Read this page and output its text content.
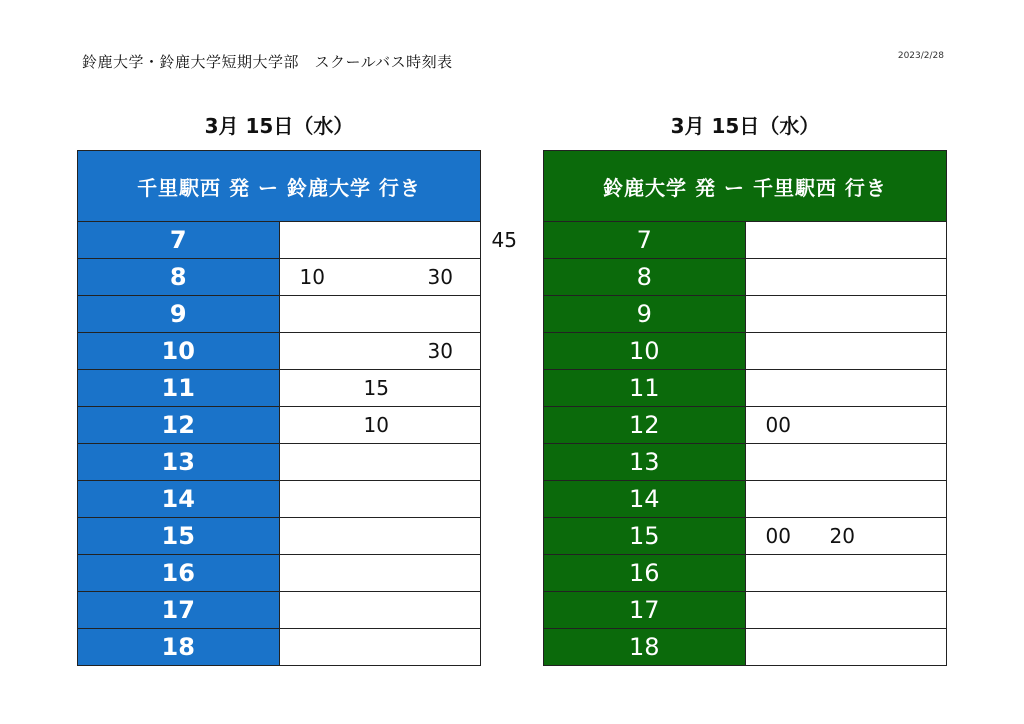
鈴鹿大学・鈴鹿大学短期大学部　スクールバス時刻表	2023/2/28
3月 15日（水）
千里駅西 発 ー 鈴鹿大学 行き	
7	45

8	10 30

9	
10	30

11	15

12	10

13	
14	
15	
16	
17	
18	
3月 15日（水）
鈴鹿大学 発 ー 千里駅西 行き	
7	
8	
9	
10	
11	
12	00

13	
14	
15	00 20

16	
17	
18	
